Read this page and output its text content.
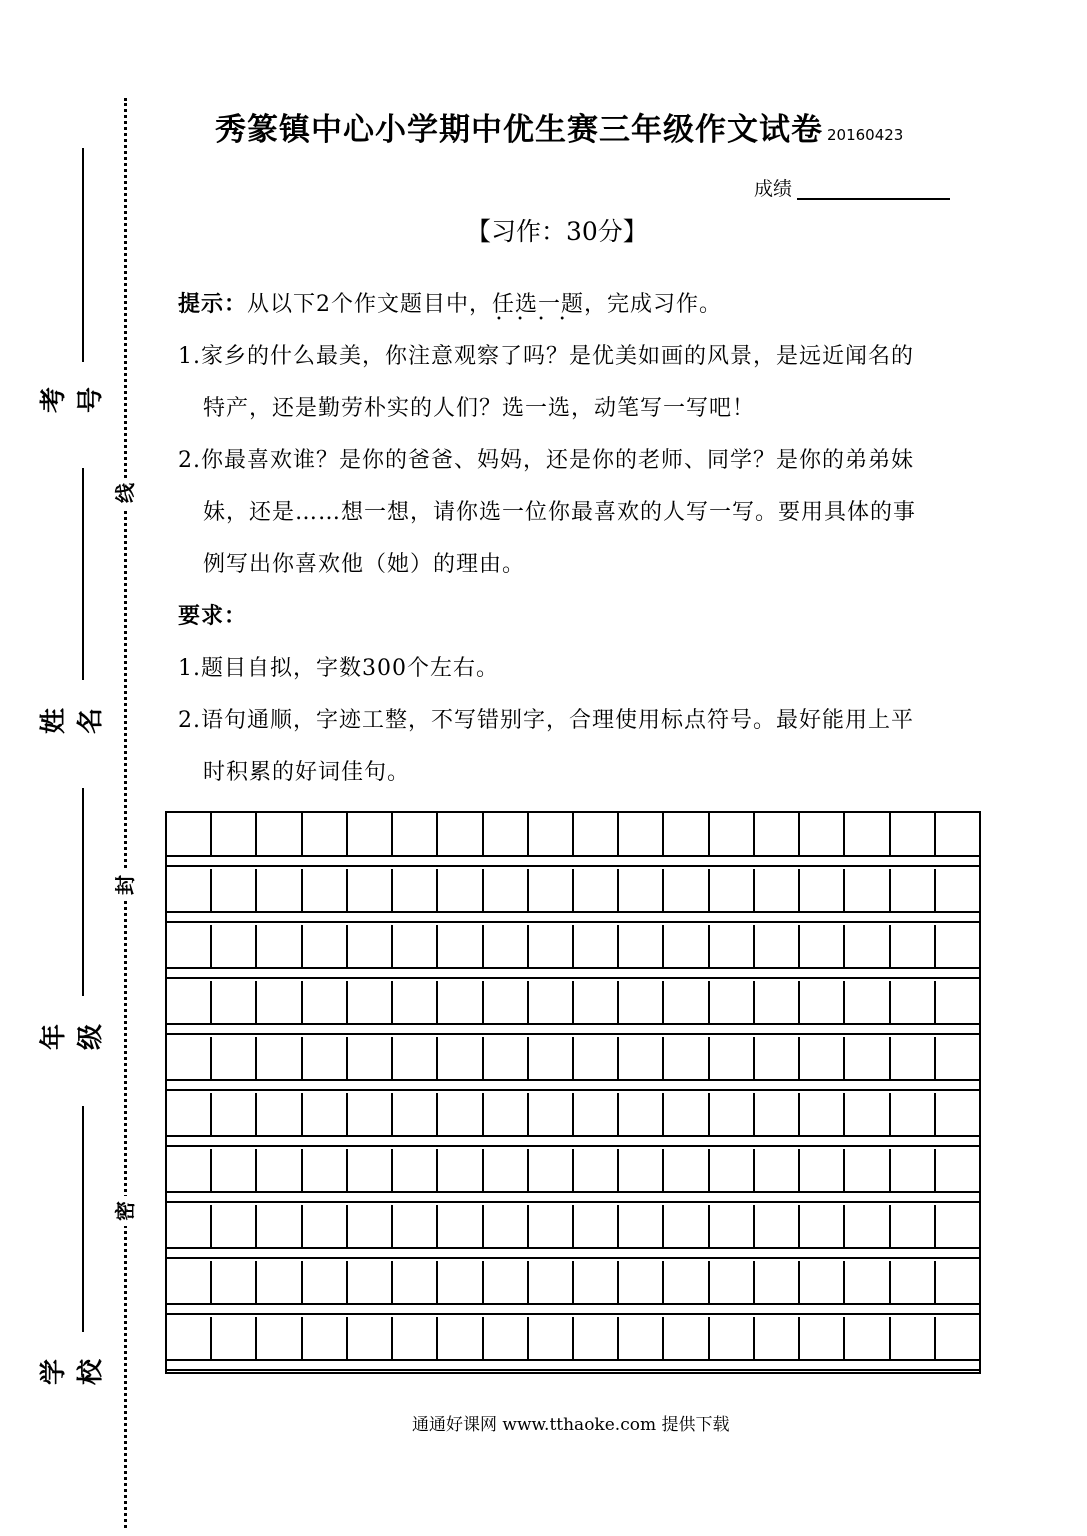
线
封
密
考号
姓名
年级
学校
秀篆镇中心小学期中优生赛三年级作文试卷 20160423
成绩
【习作：30分】
提示：从以下2个作文题目中，任选一题 • • • •，完成习作。
1.家乡的什么最美，你注意观察了吗？是优美如画的风景，是远近闻名的
特产，还是勤劳朴实的人们？选一选，动笔写一写吧！
2.你最喜欢谁？是你的爸爸、妈妈，还是你的老师、同学？是你的弟弟妹
妹，还是……想一想，请你选一位你最喜欢的人写一写。要用具体的事
例写出你喜欢他（她）的理由。
要求：
1.题目自拟，字数300个左右。
2.语句通顺，字迹工整，不写错别字，合理使用标点符号。最好能用上平
时积累的好词佳句。
通通好课网 www.tthaoke.com 提供下载
